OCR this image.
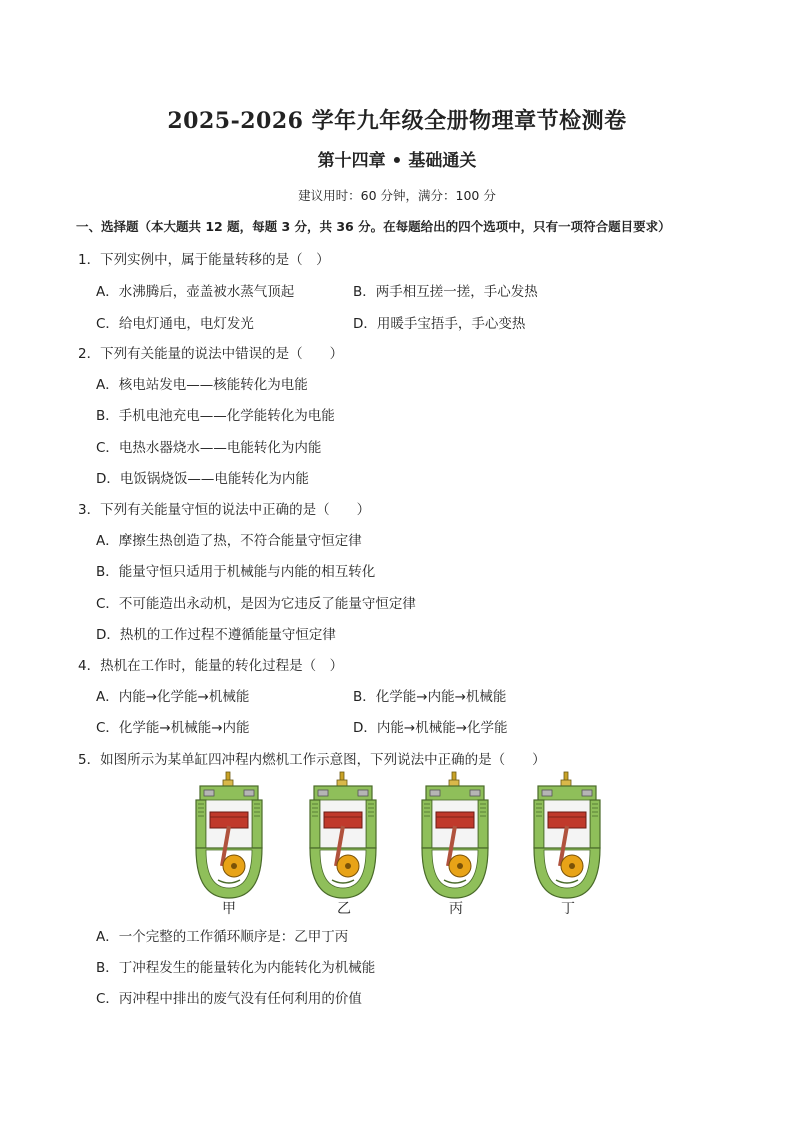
2025-2026 学年九年级全册物理章节检测卷
第十四章 • 基础通关
建议用时：60 分钟，满分：100 分
一、选择题（本大题共 12 题，每题 3 分，共 36 分。在每题给出的四个选项中，只有一项符合题目要求）
1．下列实例中，属于能量转移的是（　）
A．水沸腾后，壶盖被水蒸气顶起	B．两手相互搓一搓，手心发热
C．给电灯通电，电灯发光	D．用暖手宝捂手，手心变热
2．下列有关能量的说法中错误的是（　　）
A．核电站发电——核能转化为电能
B．手机电池充电——化学能转化为电能
C．电热水器烧水——电能转化为内能
D．电饭锅烧饭——电能转化为内能
3．下列有关能量守恒的说法中正确的是（　　）
A．摩擦生热创造了热，不符合能量守恒定律
B．能量守恒只适用于机械能与内能的相互转化
C．不可能造出永动机，是因为它违反了能量守恒定律
D．热机的工作过程不遵循能量守恒定律
4．热机在工作时，能量的转化过程是（　）
A．内能→化学能→机械能	B．化学能→内能→机械能
C．化学能→机械能→内能	D．内能→机械能→化学能
5．如图所示为某单缸四冲程内燃机工作示意图，下列说法中正确的是（　　）
甲	乙	丙	丁
A．一个完整的工作循环顺序是：乙甲丁丙
B．丁冲程发生的能量转化为内能转化为机械能
C．丙冲程中排出的废气没有任何利用的价值
